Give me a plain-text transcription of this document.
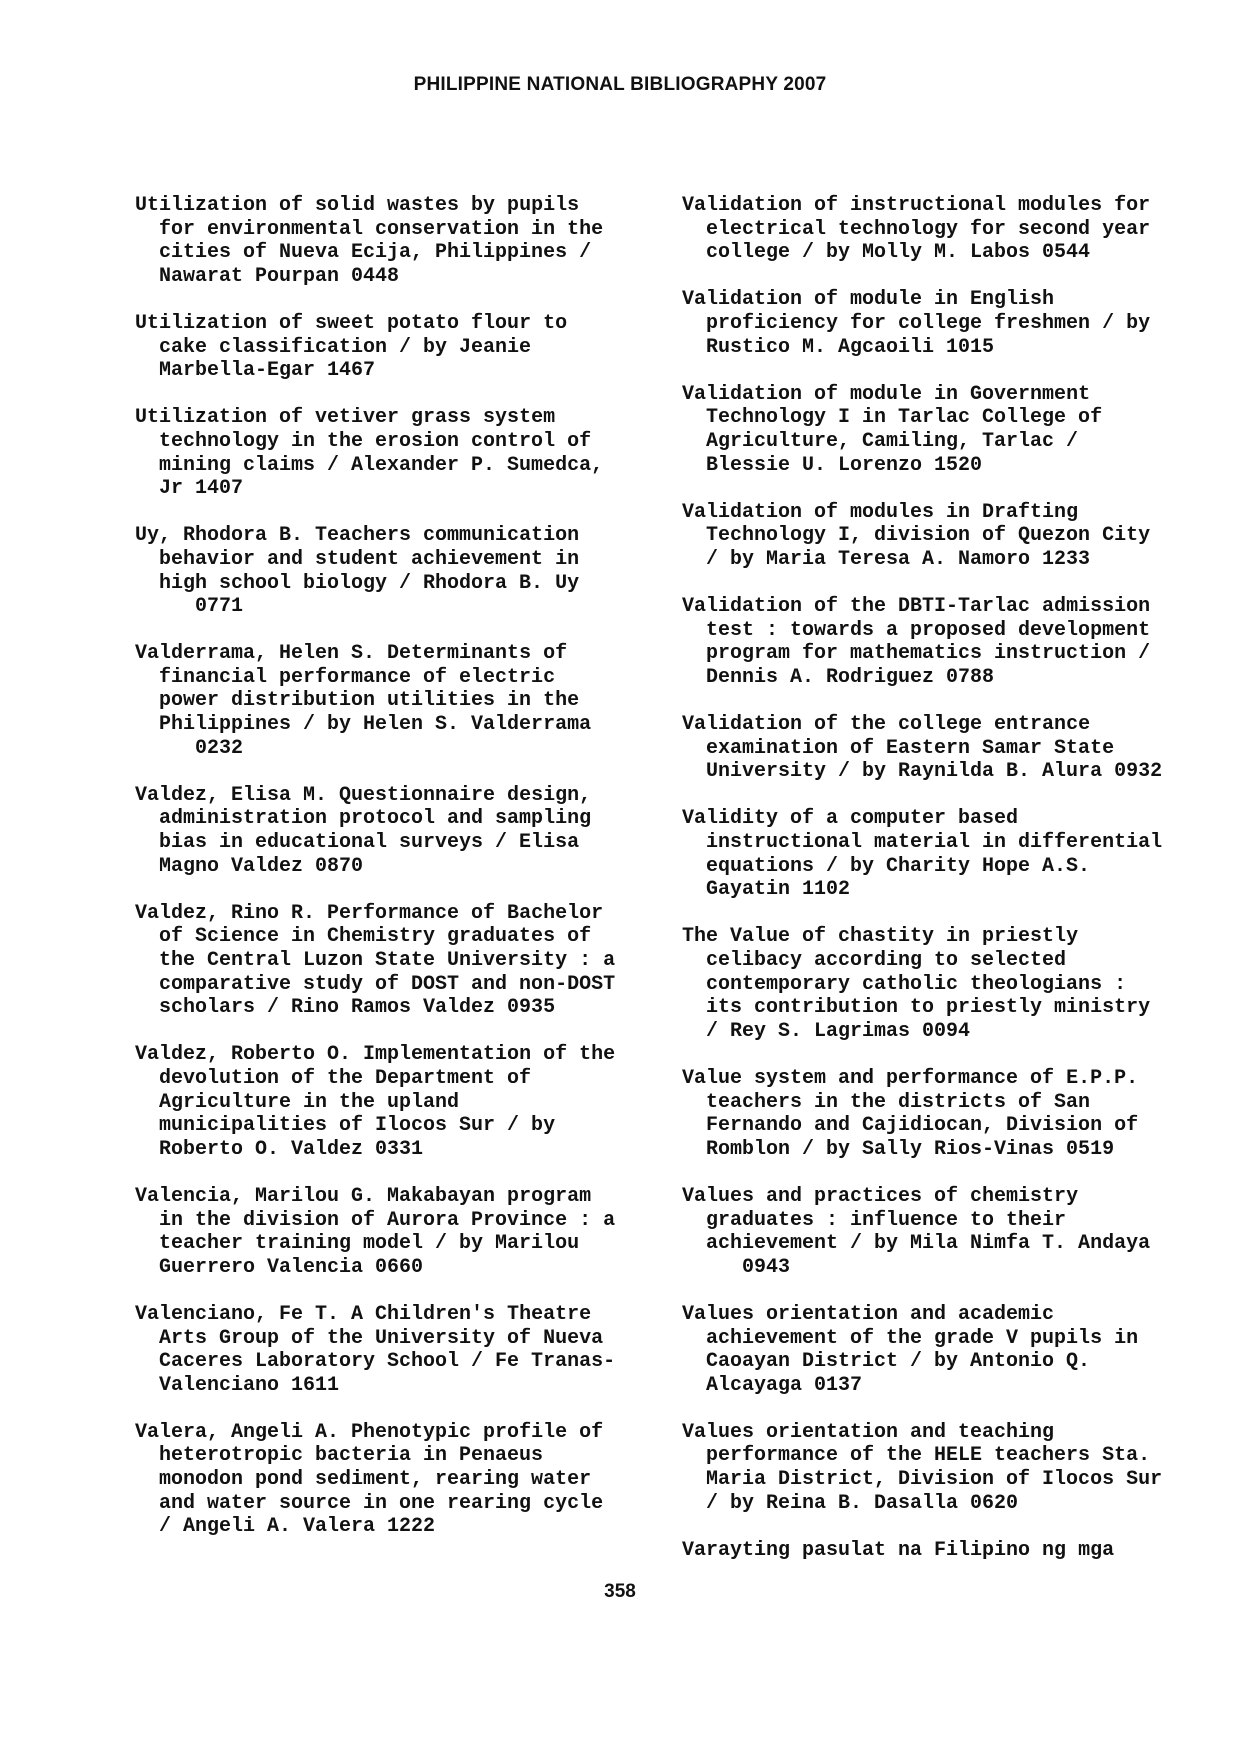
PHILIPPINE NATIONAL BIBLIOGRAPHY 2007
Utilization of solid wastes by pupils
for environmental conservation in the
cities of Nueva Ecija, Philippines /
Nawarat Pourpan 0448
Utilization of sweet potato flour to
cake classification / by Jeanie
Marbella-Egar 1467
Utilization of vetiver grass system
technology in the erosion control of
mining claims / Alexander P. Sumedca,
Jr 1407
Uy, Rhodora B. Teachers communication
behavior and student achievement in
high school biology / Rhodora B. Uy
0771
Valderrama, Helen S. Determinants of
financial performance of electric
power distribution utilities in the
Philippines / by Helen S. Valderrama
0232
Valdez, Elisa M. Questionnaire design,
administration protocol and sampling
bias in educational surveys / Elisa
Magno Valdez 0870
Valdez, Rino R. Performance of Bachelor
of Science in Chemistry graduates of
the Central Luzon State University : a
comparative study of DOST and non-DOST
scholars / Rino Ramos Valdez 0935
Valdez, Roberto O. Implementation of the
devolution of the Department of
Agriculture in the upland
municipalities of Ilocos Sur / by
Roberto O. Valdez 0331
Valencia, Marilou G. Makabayan program
in the division of Aurora Province : a
teacher training model / by Marilou
Guerrero Valencia 0660
Valenciano, Fe T. A Children's Theatre
Arts Group of the University of Nueva
Caceres Laboratory School / Fe Tranas-
Valenciano 1611
Valera, Angeli A. Phenotypic profile of
heterotropic bacteria in Penaeus
monodon pond sediment, rearing water
and water source in one rearing cycle
/ Angeli A. Valera 1222
Validation of instructional modules for
electrical technology for second year
college / by Molly M. Labos 0544
Validation of module in English
proficiency for college freshmen / by
Rustico M. Agcaoili 1015
Validation of module in Government
Technology I in Tarlac College of
Agriculture, Camiling, Tarlac /
Blessie U. Lorenzo 1520
Validation of modules in Drafting
Technology I, division of Quezon City
/ by Maria Teresa A. Namoro 1233
Validation of the DBTI-Tarlac admission
test : towards a proposed development
program for mathematics instruction /
Dennis A. Rodriguez 0788
Validation of the college entrance
examination of Eastern Samar State
University / by Raynilda B. Alura 0932
Validity of a computer based
instructional material in differential
equations / by Charity Hope A.S.
Gayatin 1102
The Value of chastity in priestly
celibacy according to selected
contemporary catholic theologians :
its contribution to priestly ministry
/ Rey S. Lagrimas 0094
Value system and performance of E.P.P.
teachers in the districts of San
Fernando and Cajidiocan, Division of
Romblon / by Sally Rios-Vinas 0519
Values and practices of chemistry
graduates : influence to their
achievement / by Mila Nimfa T. Andaya
0943
Values orientation and academic
achievement of the grade V pupils in
Caoayan District / by Antonio Q.
Alcayaga 0137
Values orientation and teaching
performance of the HELE teachers Sta.
Maria District, Division of Ilocos Sur
/ by Reina B. Dasalla 0620
Varayting pasulat na Filipino ng mga
358
